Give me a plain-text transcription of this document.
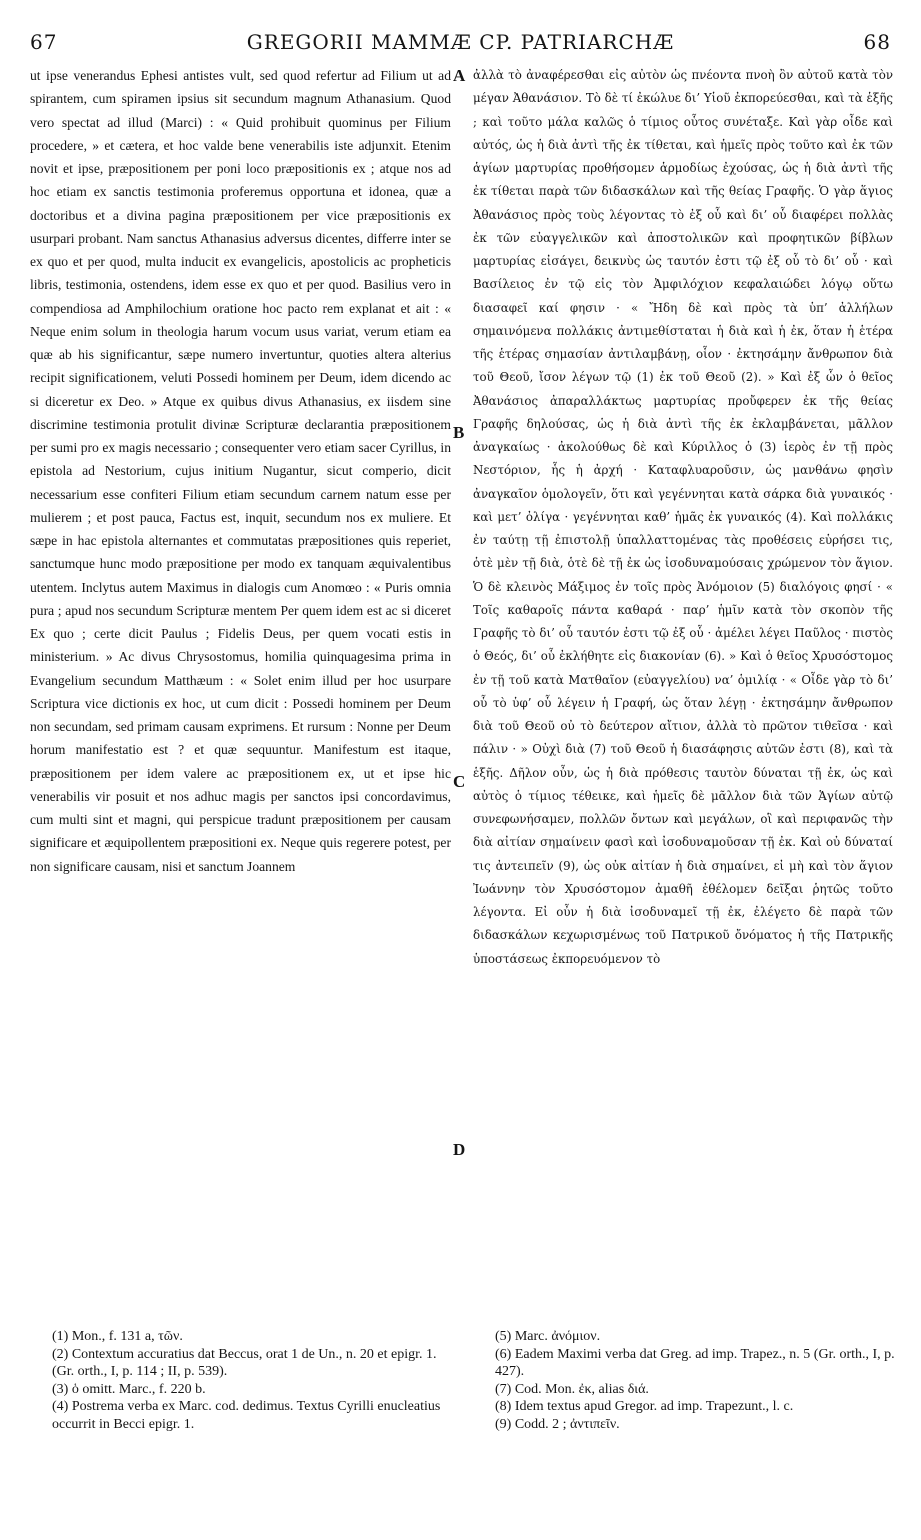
67	GREGORII MAMMÆ CP. PATRIARCHÆ	68

ut ipse venerandus Ephesi antistes vult, sed quod refertur ad Filium ut ad spirantem, cum spiramen ipsius sit secundum magnum Athanasium. Quod vero spectat ad illud (Marci) : « Quid prohibuit quominus per Filium procedere, » et cætera, et hoc valde bene venerabilis iste adjunxit. Etenim novit et ipse, præpositionem per poni loco præpositionis ex ; atque nos ad hoc etiam ex sanctis testimonia proferemus opportuna et idonea, quæ a doctoribus et a divina pagina præpositionem per vice præpositionis ex usurpari probant. Nam sanctus Athanasius adversus dicentes, differre inter se ex quo et per quod, multa inducit ex evangelicis, apostolicis ac propheticis libris, testimonia, ostendens, idem esse ex quo et per quod. Basilius vero in compendiosa ad Amphilochium oratione hoc pacto rem explanat et ait : « Neque enim solum in theologia harum vocum usus variat, verum etiam ea quæ ab his significantur, sæpe numero invertuntur, quoties altera alterius recipit significationem, veluti Possedi hominem per Deum, idem dicendo ac si diceretur ex Deo. » Atque ex quibus divus Athanasius, ex iisdem sine discrimine testimonia protulit divinæ Scripturæ declarantia præpositionem per sumi pro ex magis necessario ; consequenter vero etiam sacer Cyrillus, in epistola ad Nestorium, cujus initium Nugantur, sicut comperio, dicit necessarium esse confiteri Filium etiam secundum carnem natum esse per mulierem ; et post pauca, Factus est, inquit, secundum nos ex muliere. Et sæpe in hac epistola alternantes et commutatas præpositiones quis reperiet, sanctumque hunc modo præpositione per modo ex tanquam æquivalentibus utentem. Inclytus autem Maximus in dialogis cum Anomœo : « Puris omnia pura ; apud nos secundum Scripturæ mentem Per quem idem est ac si diceret Ex quo ; certe dicit Paulus ; Fidelis Deus, per quem vocati estis in ministerium. » Ac divus Chrysostomus, homilia quinquagesima prima in Evangelium secundum Matthæum : « Solet enim illud per hoc usurpare Scriptura vice dictionis ex hoc, ut cum dicit : Possedi hominem per Deum non secundam, sed primam causam exprimens. Et rursum : Nonne per Deum horum manifestatio est ? et quæ sequuntur. Manifestum est itaque, præpositionem per idem valere ac præpositionem ex, ut et ipse hic venerabilis vir posuit et nos adhuc magis per sanctos ipsi concordavimus, cum multi sint et magni, qui perspicue tradunt præpositionem per causam significare et æquipollentem præpositioni ex. Neque quis regerere potest, per non significare causam, nisi et sanctum Joannem

A
B
C
D

ἀλλὰ τὸ ἀναφέρεσθαι εἰς αὐτὸν ὡς πνέοντα πνοὴ ὂν αὐτοῦ κατὰ τὸν μέγαν Ἀθανάσιον. Τὸ δὲ τί ἐκώλυε δι’ Υἱοῦ ἐκπορεύεσθαι, καὶ τὰ ἑξῆς ; καὶ τοῦτο μάλα καλῶς ὁ τίμιος οὗτος συνέταξε. Καὶ γὰρ οἶδε καὶ αὐτός, ὡς ἡ διὰ ἀντὶ τῆς ἐκ τίθεται, καὶ ἡμεῖς πρὸς τοῦτο καὶ ἐκ τῶν ἁγίων μαρτυρίας προθήσομεν ἁρμοδίως ἐχούσας, ὡς ἡ διὰ ἀντὶ τῆς ἐκ τίθεται παρὰ τῶν διδασκάλων καὶ τῆς θείας Γραφῆς. Ὁ γὰρ ἅγιος Ἀθανάσιος πρὸς τοὺς λέγοντας τὸ ἐξ οὗ καὶ δι’ οὗ διαφέρει πολλὰς ἐκ τῶν εὐαγγελικῶν καὶ ἀποστολικῶν καὶ προφητικῶν βίβλων μαρτυρίας εἰσάγει, δεικνὺς ὡς ταυτόν ἐστι τῷ ἐξ οὗ τὸ δι’ οὗ · καὶ Βασίλειος ἐν τῷ εἰς τὸν Ἀμφιλόχιον κεφαλαιώδει λόγῳ οὕτω διασαφεῖ καί φησιν · « Ἤδη δὲ καὶ πρὸς τὰ ὑπ’ ἀλλήλων σημαινόμενα πολλάκις ἀντιμεθίσταται ἡ διὰ καὶ ἡ ἐκ, ὅταν ἡ ἑτέρα τῆς ἑτέρας σημασίαν ἀντιλαμβάνῃ, οἷον · ἐκτησάμην ἄνθρωπον διὰ τοῦ Θεοῦ, ἴσον λέγων τῷ (1) ἐκ τοῦ Θεοῦ (2). » Καὶ ἐξ ὧν ὁ θεῖος Ἀθανάσιος ἀπαραλλάκτως μαρτυρίας προὔφερεν ἐκ τῆς θείας Γραφῆς δηλούσας, ὡς ἡ διὰ ἀντὶ τῆς ἐκ ἐκλαμβάνεται, μᾶλλον ἀναγκαίως · ἀκολούθως δὲ καὶ Κύριλλος ὁ (3) ἱερὸς ἐν τῇ πρὸς Νεστόριον, ἧς ἡ ἀρχή · Καταφλυαροῦσιν, ὡς μανθάνω φησὶν ἀναγκαῖον ὁμολογεῖν, ὅτι καὶ γεγέννηται κατὰ σάρκα διὰ γυναικός · καὶ μετ’ ὀλίγα · γεγέννηται καθ’ ἡμᾶς ἐκ γυναικός (4). Καὶ πολλάκις ἐν ταύτῃ τῇ ἐπιστολῇ ὑπαλλαττομένας τὰς προθέσεις εὑρήσει τις, ὁτὲ μὲν τῇ διὰ, ὁτὲ δὲ τῇ ἐκ ὡς ἰσοδυναμούσαις χρώμενον τὸν ἅγιον. Ὁ δὲ κλεινὸς Μάξιμος ἐν τοῖς πρὸς Ἀνόμοιον (5) διαλόγοις φησί · « Τοῖς καθαροῖς πάντα καθαρά · παρ’ ἡμῖν κατὰ τὸν σκοπὸν τῆς Γραφῆς τὸ δι’ οὗ ταυτόν ἐστι τῷ ἐξ οὗ · ἀμέλει λέγει Παῦλος · πιστὸς ὁ Θεός, δι’ οὗ ἐκλήθητε εἰς διακονίαν (6). » Καὶ ὁ θεῖος Χρυσόστομος ἐν τῇ τοῦ κατὰ Ματθαῖον (εὐαγγελίου) να’ ὁμιλίᾳ · « Οἶδε γὰρ τὸ δι’ οὗ τὸ ὑφ’ οὗ λέγειν ἡ Γραφή, ὡς ὅταν λέγῃ · ἐκτησάμην ἄνθρωπον διὰ τοῦ Θεοῦ οὐ τὸ δεύτερον αἴτιον, ἀλλὰ τὸ πρῶτον τιθεῖσα · καὶ πάλιν · » Οὐχὶ διὰ (7) τοῦ Θεοῦ ἡ διασάφησις αὐτῶν ἐστι (8), καὶ τὰ ἑξῆς. Δῆλον οὖν, ὡς ἡ διὰ πρόθεσις ταυτὸν δύναται τῇ ἐκ, ὡς καὶ αὐτὸς ὁ τίμιος τέθεικε, καὶ ἡμεῖς δὲ μᾶλλον διὰ τῶν Ἁγίων αὐτῷ συνεφωνήσαμεν, πολλῶν ὄντων καὶ μεγάλων, οἳ καὶ περιφανῶς τὴν διὰ αἰτίαν σημαίνειν φασὶ καὶ ἰσοδυναμοῦσαν τῇ ἐκ. Καὶ οὐ δύναταί τις ἀντειπεῖν (9), ὡς οὐκ αἰτίαν ἡ διὰ σημαίνει, εἰ μὴ καὶ τὸν ἅγιον Ἰωάννην τὸν Χρυσόστομον ἀμαθῆ ἐθέλομεν δεῖξαι ῥητῶς τοῦτο λέγοντα. Εἰ οὖν ἡ διὰ ἰσοδυναμεῖ τῇ ἐκ, ἐλέγετο δὲ παρὰ τῶν διδασκάλων κεχωρισμένως τοῦ Πατρικοῦ ὄνόματος ἡ τῆς Πατρικῆς ὑποστάσεως ἐκπορευόμενον τὸ

(1) Mon., f. 131 a, τῶν.

(2) Contextum accuratius dat Beccus, orat 1 de Un., n. 20 et epigr. 1. (Gr. orth., I, p. 114 ; II, p. 539).

(3) ὁ omitt. Marc., f. 220 b.

(4) Postrema verba ex Marc. cod. dedimus. Textus Cyrilli enucleatius occurrit in Becci epigr. 1.

(5) Marc. ἀνόμιον.

(6) Eadem Maximi verba dat Greg. ad imp. Trapez., n. 5 (Gr. orth., I, p. 427).

(7) Cod. Mon. ἐκ, alias διά.

(8) Idem textus apud Gregor. ad imp. Trapezunt., l. c.

(9) Codd. 2 ; ἀντιπεῖν.
